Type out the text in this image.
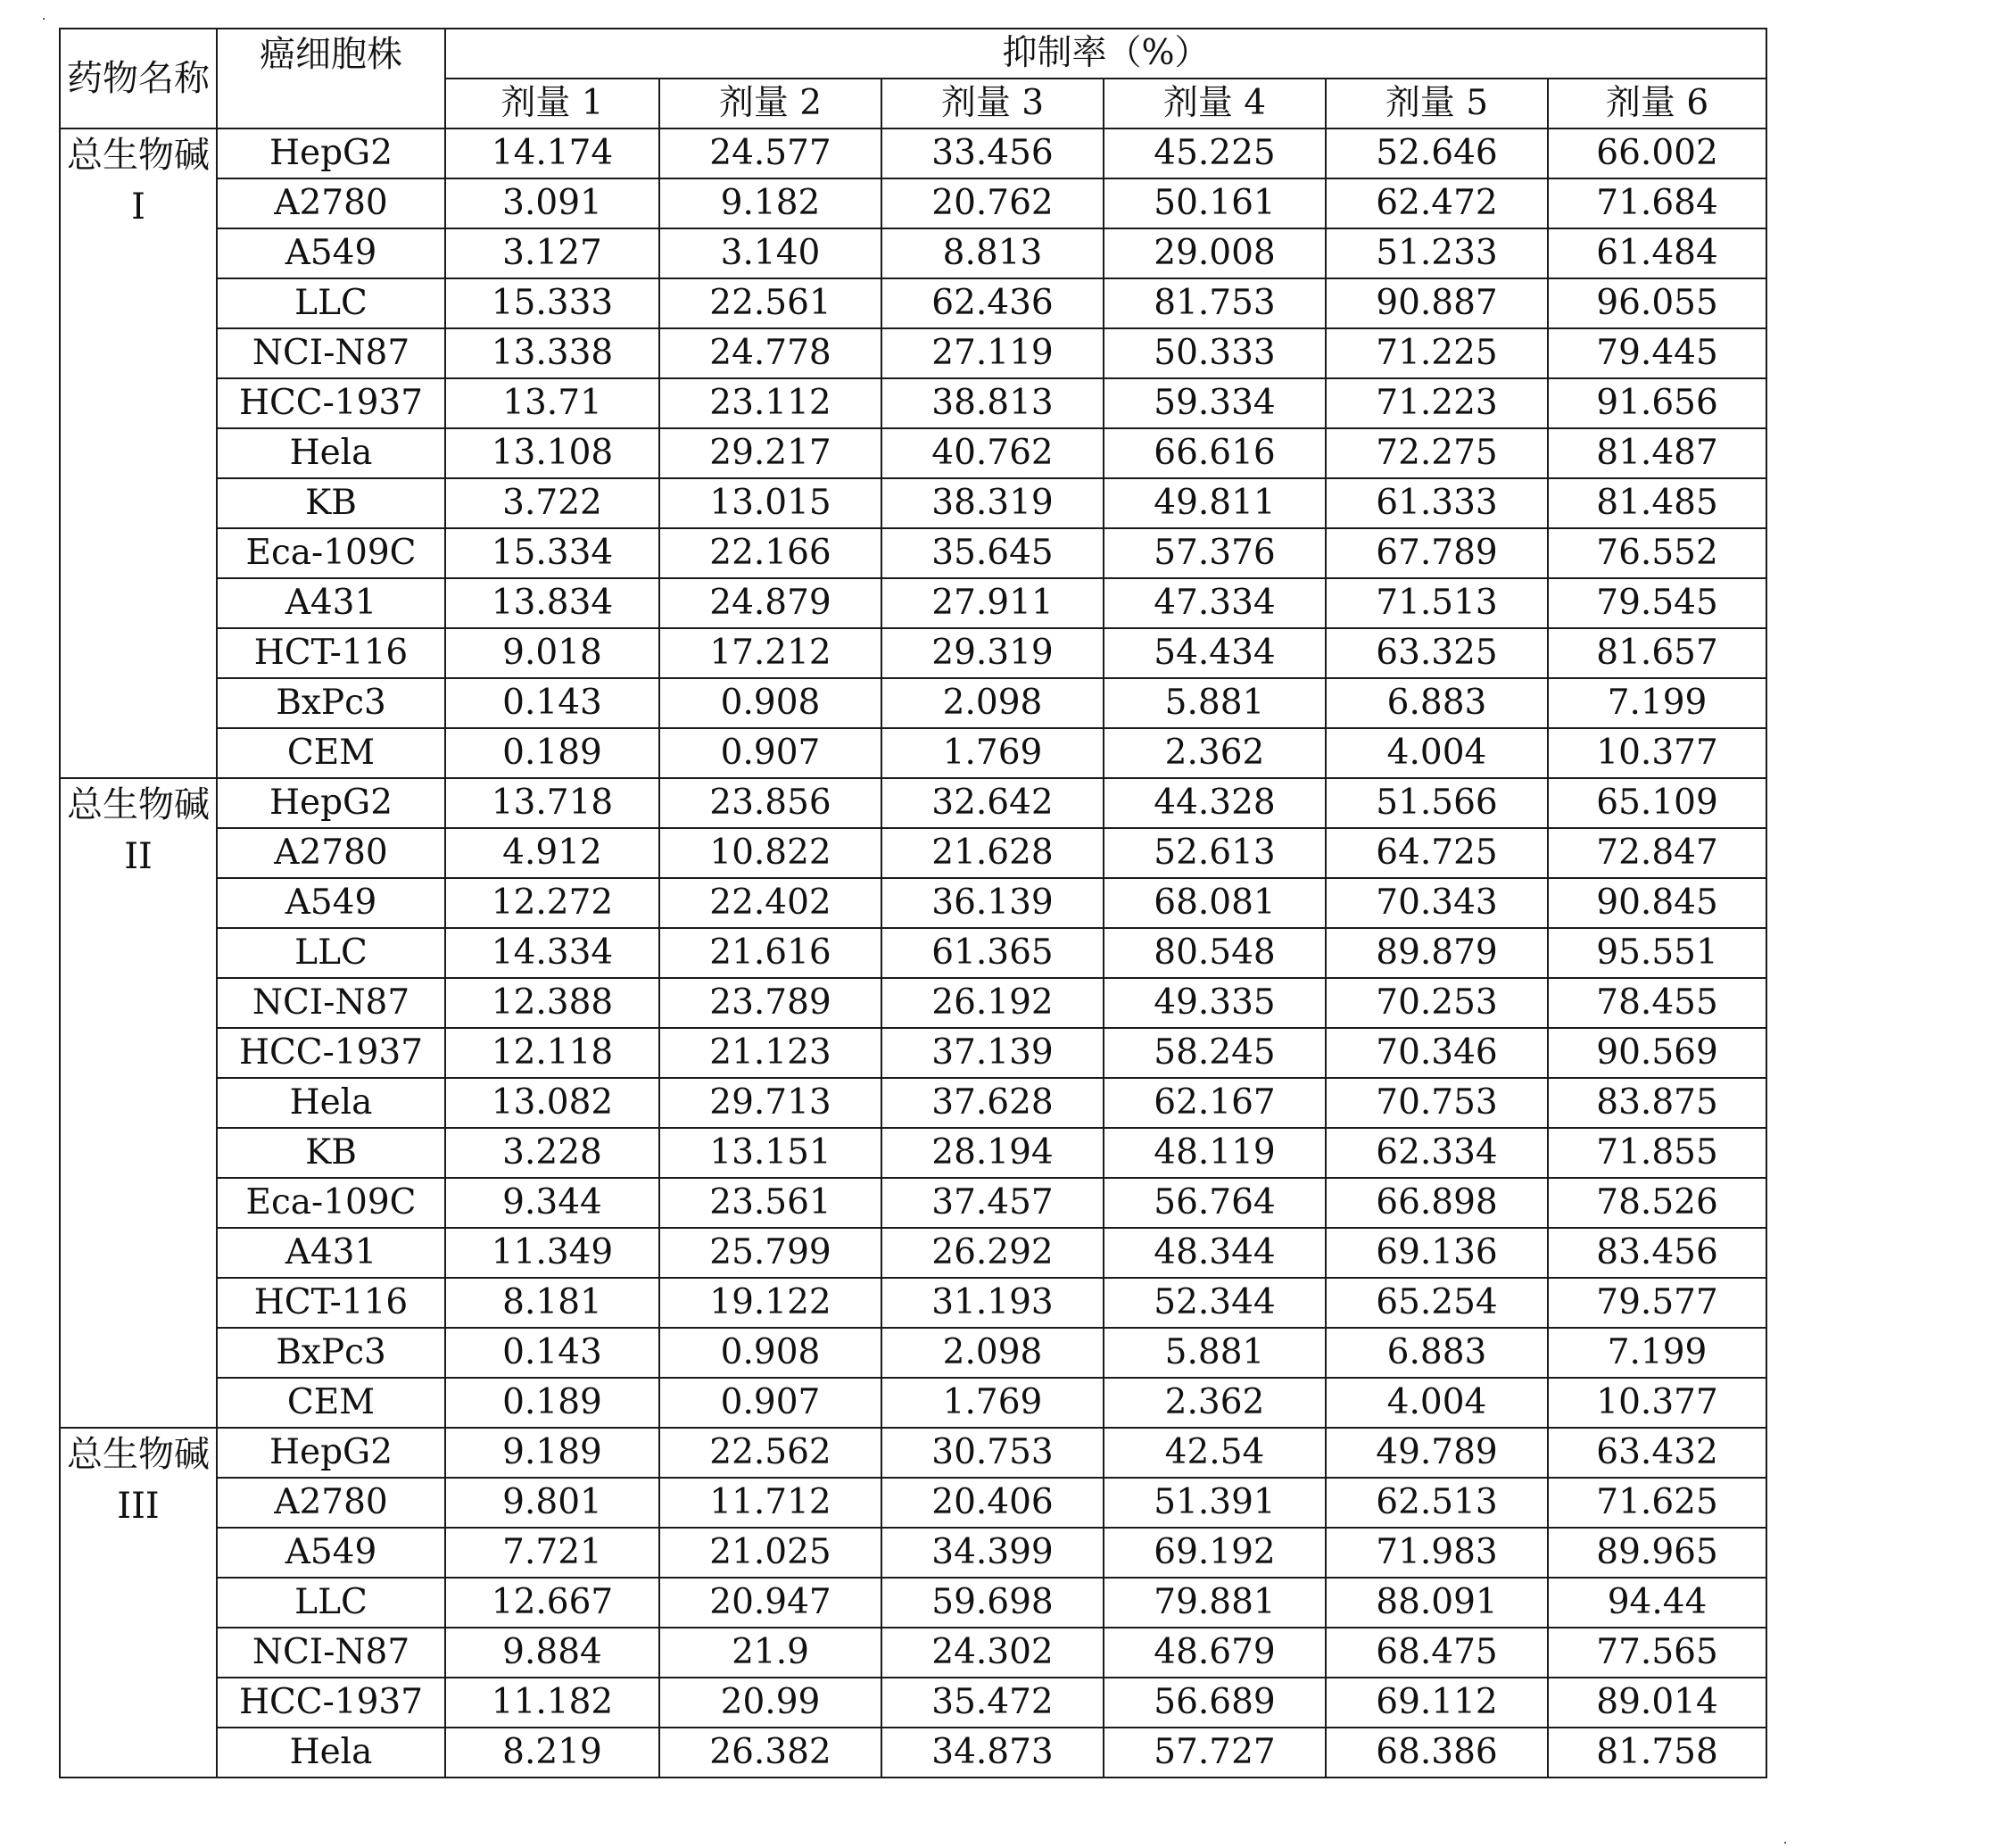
药物名称	癌细胞株	抑制率（%）					
		剂量 1	剂量 2	剂量 3	剂量 4	剂量 5	剂量 6
总生物碱 I	HepG2	14.174	24.577	33.456	45.225	52.646	66.002
	A2780	3.091	9.182	20.762	50.161	62.472	71.684
	A549	3.127	3.140	8.813	29.008	51.233	61.484
	LLC	15.333	22.561	62.436	81.753	90.887	96.055
	NCI-N87	13.338	24.778	27.119	50.333	71.225	79.445
	HCC-1937	13.71	23.112	38.813	59.334	71.223	91.656
	Hela	13.108	29.217	40.762	66.616	72.275	81.487
	KB	3.722	13.015	38.319	49.811	61.333	81.485
	Eca-109C	15.334	22.166	35.645	57.376	67.789	76.552
	A431	13.834	24.879	27.911	47.334	71.513	79.545
	HCT-116	9.018	17.212	29.319	54.434	63.325	81.657
	BxPc3	0.143	0.908	2.098	5.881	6.883	7.199
	CEM	0.189	0.907	1.769	2.362	4.004	10.377
总生物碱 II	HepG2	13.718	23.856	32.642	44.328	51.566	65.109
	A2780	4.912	10.822	21.628	52.613	64.725	72.847
	A549	12.272	22.402	36.139	68.081	70.343	90.845
	LLC	14.334	21.616	61.365	80.548	89.879	95.551
	NCI-N87	12.388	23.789	26.192	49.335	70.253	78.455
	HCC-1937	12.118	21.123	37.139	58.245	70.346	90.569
	Hela	13.082	29.713	37.628	62.167	70.753	83.875
	KB	3.228	13.151	28.194	48.119	62.334	71.855
	Eca-109C	9.344	23.561	37.457	56.764	66.898	78.526
	A431	11.349	25.799	26.292	48.344	69.136	83.456
	HCT-116	8.181	19.122	31.193	52.344	65.254	79.577
	BxPc3	0.143	0.908	2.098	5.881	6.883	7.199
	CEM	0.189	0.907	1.769	2.362	4.004	10.377
总生物碱III	HepG2	9.189	22.562	30.753	42.54	49.789	63.432
	A2780	9.801	11.712	20.406	51.391	62.513	71.625
	A549	7.721	21.025	34.399	69.192	71.983	89.965
	LLC	12.667	20.947	59.698	79.881	88.091	94.44
	NCI-N87	9.884	21.9	24.302	48.679	68.475	77.565
	HCC-1937	11.182	20.99	35.472	56.689	69.112	89.014
	Hela	8.219	26.382	34.873	57.727	68.386	81.758
